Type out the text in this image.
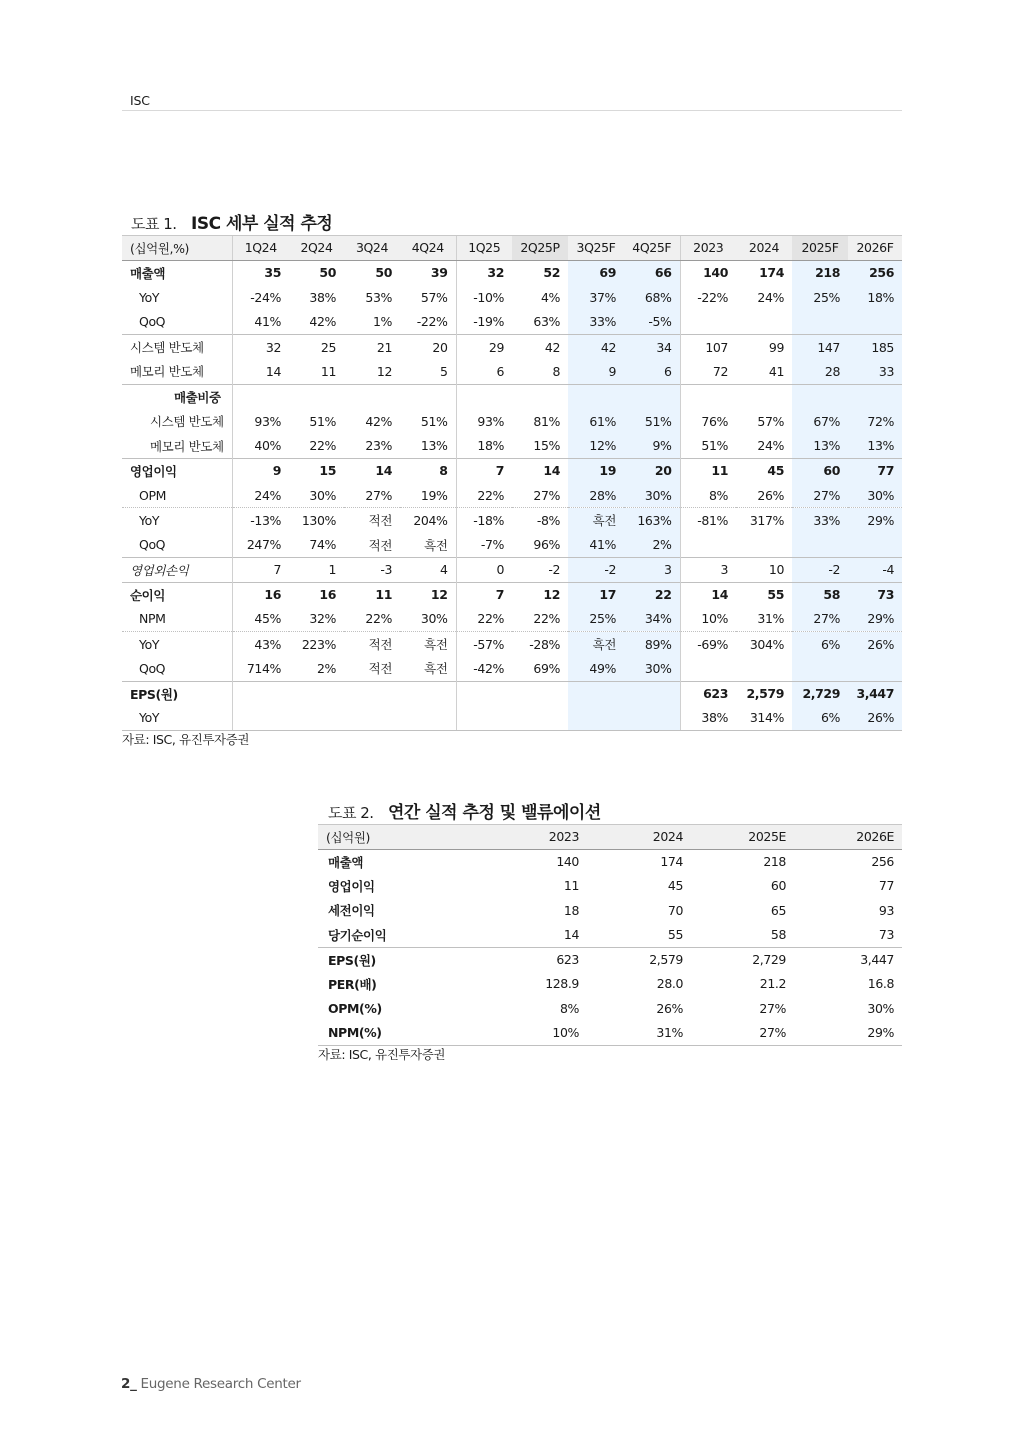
ISC
도표 1. ISC 세부 실적 추정
(십억원,%)	1Q24	2Q24	3Q24	4Q24	1Q25	2Q25P	3Q25F	4Q25F	2023	2024	2025F	2026F
매출액	35	50	50	39	32	52	69	66	140	174	218	256
YoY	-24%	38%	53%	57%	-10%	4%	37%	68%	-22%	24%	25%	18%
QoQ	41%	42%	1%	-22%	-19%	63%	33%	-5%				
시스템 반도체	32	25	21	20	29	42	42	34	107	99	147	185
메모리 반도체	14	11	12	5	6	8	9	6	72	41	28	33
매출비중												
시스템 반도체	93%	51%	42%	51%	93%	81%	61%	51%	76%	57%	67%	72%
메모리 반도체	40%	22%	23%	13%	18%	15%	12%	9%	51%	24%	13%	13%
영업이익	9	15	14	8	7	14	19	20	11	45	60	77
OPM	24%	30%	27%	19%	22%	27%	28%	30%	8%	26%	27%	30%
YoY	-13%	130%	적전	204%	-18%	-8%	흑전	163%	-81%	317%	33%	29%
QoQ	247%	74%	적전	흑전	-7%	96%	41%	2%				
영업외손익	7	1	-3	4	0	-2	-2	3	3	10	-2	-4
순이익	16	16	11	12	7	12	17	22	14	55	58	73
NPM	45%	32%	22%	30%	22%	22%	25%	34%	10%	31%	27%	29%
YoY	43%	223%	적전	흑전	-57%	-28%	흑전	89%	-69%	304%	6%	26%
QoQ	714%	2%	적전	흑전	-42%	69%	49%	30%				
EPS(원)									623	2,579	2,729	3,447
YoY									38%	314%	6%	26%
자료: ISC, 유진투자증권
도표 2. 연간 실적 추정 및 밸류에이션
(십억원)	2023	2024	2025E	2026E
매출액	140	174	218	256
영업이익	11	45	60	77
세전이익	18	70	65	93
당기순이익	14	55	58	73
EPS(원)	623	2,579	2,729	3,447
PER(배)	128.9	28.0	21.2	16.8
OPM(%)	8%	26%	27%	30%
NPM(%)	10%	31%	27%	29%
자료: ISC, 유진투자증권
2_ Eugene Research Center
